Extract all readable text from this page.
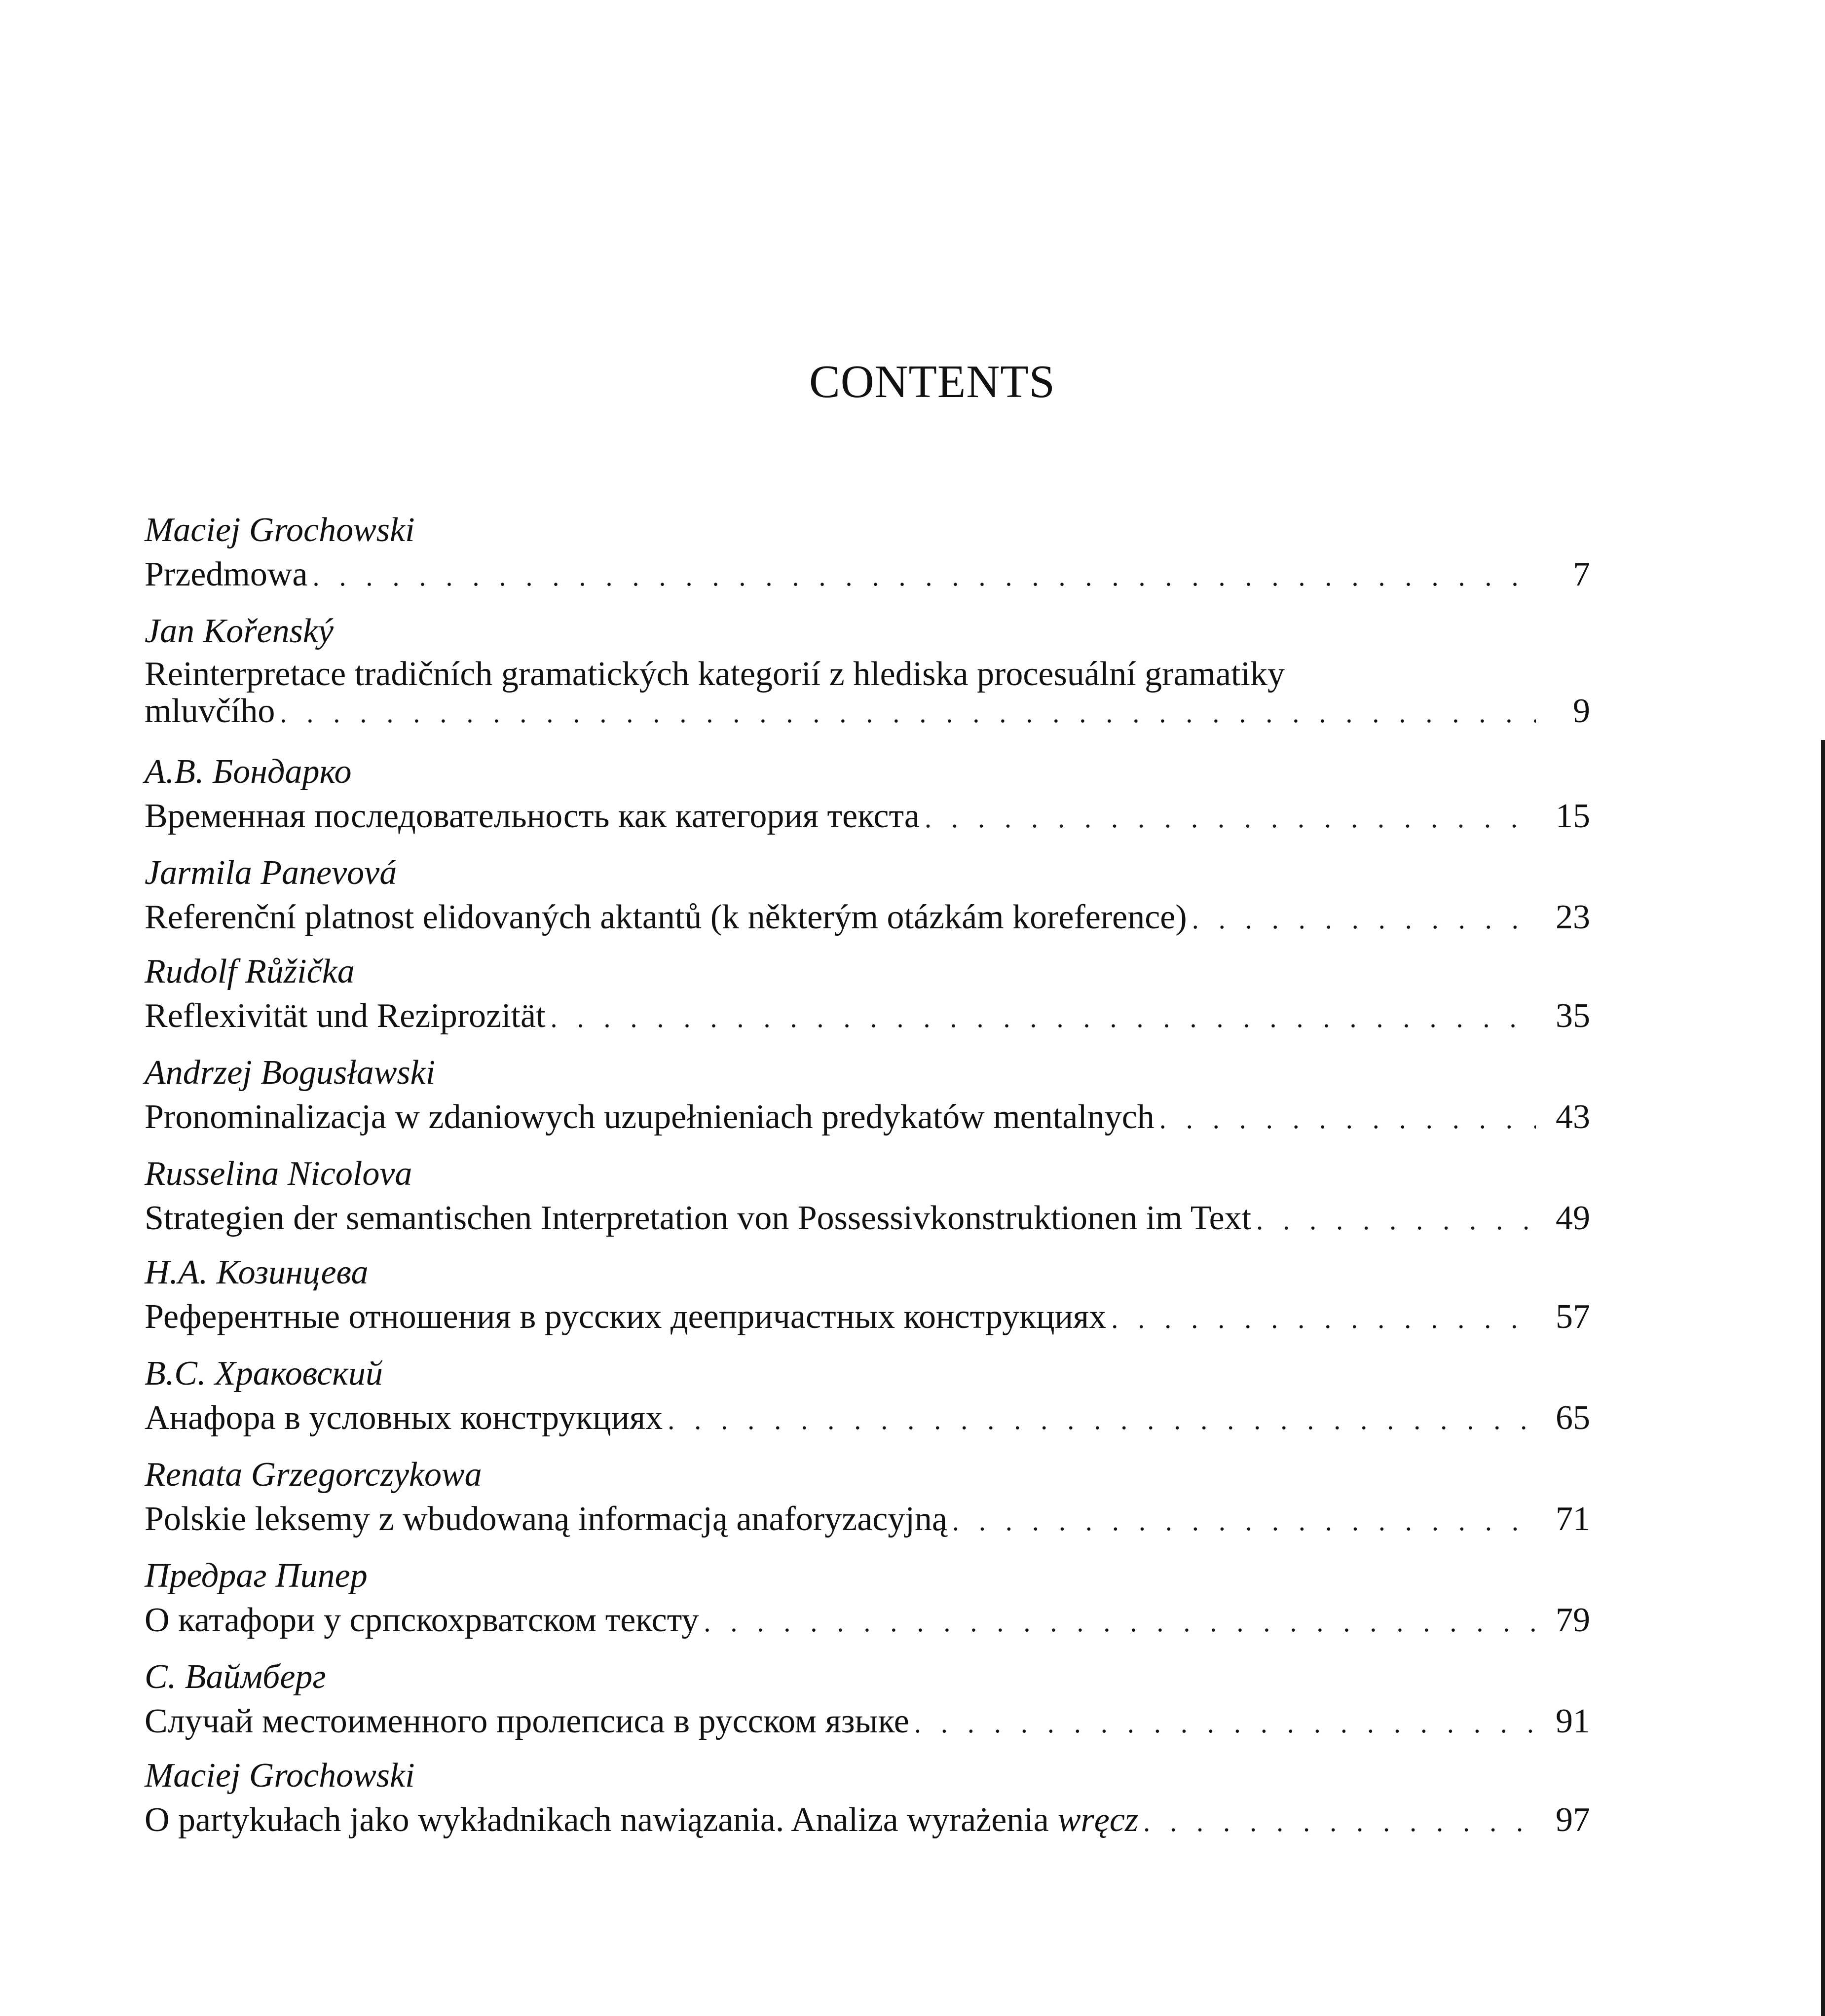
CONTENTS
Maciej Grochowski
Przedmowa . . .	7
Jan Kořenský
Reinterpretace tradičních gramatických kategorií z hlediska procesuální gramatiky
mluvčího . . .	9
А.В. Бондарко
Временная последовательность как категория текста . . .	15
Jarmila Panevová
Referenční platnost elidovaných aktantů (k některým otázkám koreference) . . .	23
Rudolf Růžička
Reflexivität und Reziprozität . . .	35
Andrzej Bogusławski
Pronominalizacja w zdaniowych uzupełnieniach predykatów mentalnych . . .	43
Russelina Nicolova
Strategien der semantischen Interpretation von Possessivkonstruktionen im Text . . .	49
Н.А. Козинцева
Референтные отношения в русских деепричастных конструкциях . . .	57
В.С. Храковский
Анафора в условных конструкциях . . .	65
Renata Grzegorczykowa
Polskie leksemy z wbudowaną informacją anaforyzacyjną . . .	71
Предраг Пипер
О катафори у српскохрватском тексту . . .	79
С. Ваймберг
Случай местоименного пролепсиса в русском языке . . .	91
Maciej Grochowski
O partykułach jako wykładnikach nawiązania. Analiza wyrażenia wręcz . . .	97
